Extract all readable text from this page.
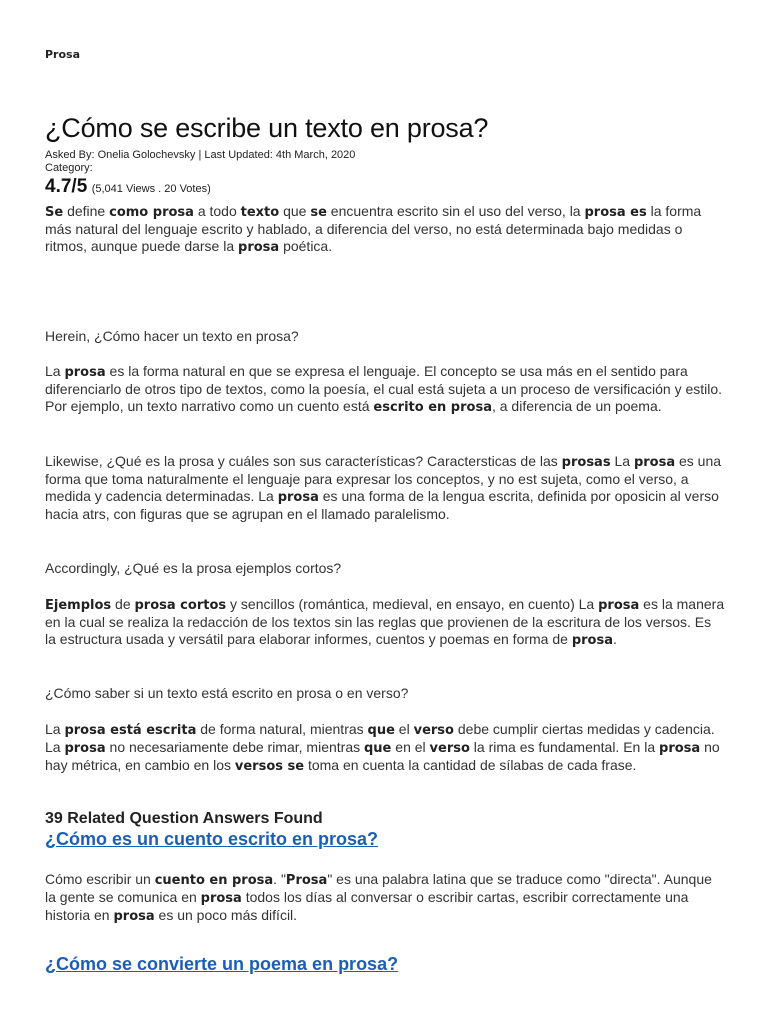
Prosa
¿Cómo se escribe un texto en prosa?
Asked By: Onelia Golochevsky | Last Updated: 4th March, 2020
Category:
4.7/5 (5,041 Views . 20 Votes)

Se define como prosa a todo texto que se encuentra escrito sin el uso del verso, la prosa es la forma más natural del lenguaje escrito y hablado, a diferencia del verso, no está determinada bajo medidas o ritmos, aunque puede darse la prosa poética.

Herein, ¿Cómo hacer un texto en prosa?

La prosa es la forma natural en que se expresa el lenguaje. El concepto se usa más en el sentido para diferenciarlo de otros tipo de textos, como la poesía, el cual está sujeta a un proceso de versificación y estilo. Por ejemplo, un texto narrativo como un cuento está escrito en prosa, a diferencia de un poema.

Likewise, ¿Qué es la prosa y cuáles son sus características? Caractersticas de las prosas La prosa es una forma que toma naturalmente el lenguaje para expresar los conceptos, y no est sujeta, como el verso, a medida y cadencia determinadas. La prosa es una forma de la lengua escrita, definida por oposicin al verso hacia atrs, con figuras que se agrupan en el llamado paralelismo.

Accordingly, ¿Qué es la prosa ejemplos cortos?

Ejemplos de prosa cortos y sencillos (romántica, medieval, en ensayo, en cuento) La prosa es la manera en la cual se realiza la redacción de los textos sin las reglas que provienen de la escritura de los versos. Es la estructura usada y versátil para elaborar informes, cuentos y poemas en forma de prosa.

¿Cómo saber si un texto está escrito en prosa o en verso?

La prosa está escrita de forma natural, mientras que el verso debe cumplir ciertas medidas y cadencia. La prosa no necesariamente debe rimar, mientras que en el verso la rima es fundamental. En la prosa no hay métrica, en cambio en los versos se toma en cuenta la cantidad de sílabas de cada frase.

39 Related Question Answers Found
¿Cómo es un cuento escrito en prosa?

Cómo escribir un cuento en prosa. "Prosa" es una palabra latina que se traduce como "directa". Aunque la gente se comunica en prosa todos los días al conversar o escribir cartas, escribir correctamente una historia en prosa es un poco más difícil.

¿Cómo se convierte un poema en prosa?
